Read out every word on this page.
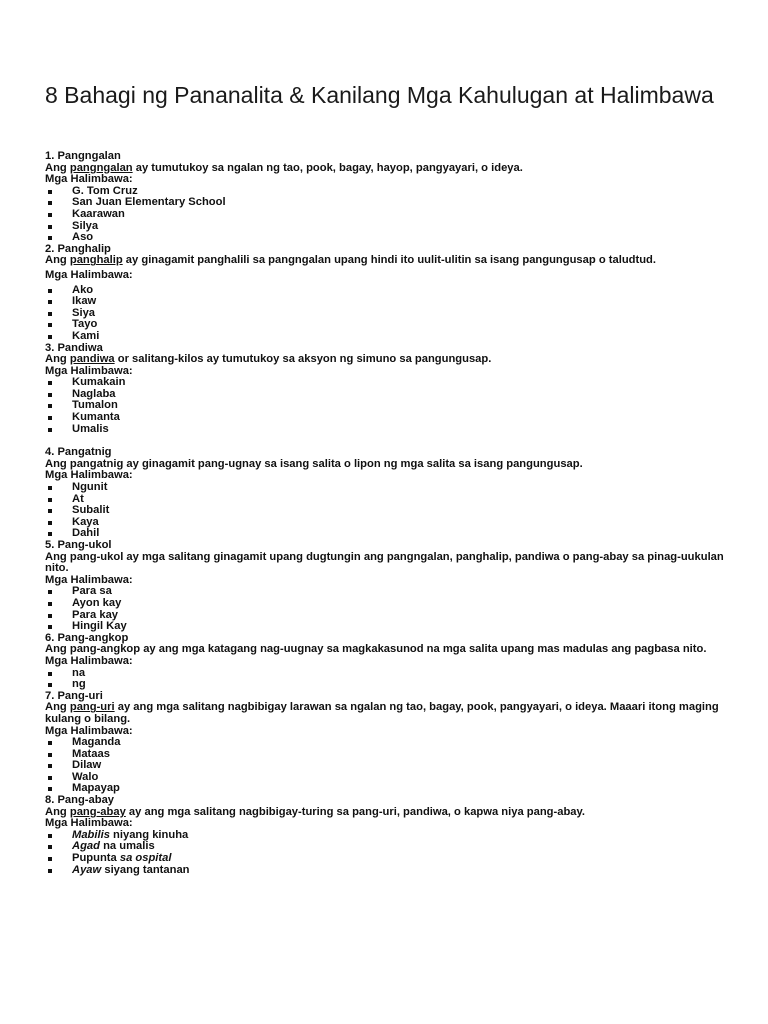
8 Bahagi ng Pananalita & Kanilang Mga Kahulugan at Halimbawa

1. Pangngalan

Ang pangngalan ay tumutukoy sa ngalan ng tao, pook, bagay, hayop, pangyayari, o ideya.

Mga Halimbawa:

G. Tom Cruz
San Juan Elementary School
Kaarawan
Silya
Aso

2. Panghalip

Ang panghalip ay ginagamit panghalili sa pangngalan upang hindi ito uulit-ulitin sa isang pangungusap o taludtud.

Mga Halimbawa:

Ako
Ikaw
Siya
Tayo
Kami

3. Pandiwa

Ang pandiwa or salitang-kilos ay tumutukoy sa aksyon ng simuno sa pangungusap.

Mga Halimbawa:

Kumakain
Naglaba
Tumalon
Kumanta
Umalis

4. Pangatnig

Ang pangatnig ay ginagamit pang-ugnay sa isang salita o lipon ng mga salita sa isang pangungusap.

Mga Halimbawa:

Ngunit
At
Subalit
Kaya
Dahil

5. Pang-ukol

Ang pang-ukol ay mga salitang ginagamit upang dugtungin ang pangngalan, panghalip, pandiwa o pang-abay sa pinag-uukulan nito.

Mga Halimbawa:

Para sa
Ayon kay
Para kay
Hingil Kay

6. Pang-angkop

Ang pang-angkop ay ang mga katagang nag-uugnay sa magkakasunod na mga salita upang mas madulas ang pagbasa nito.

Mga Halimbawa:

na
ng

7. Pang-uri

Ang pang-uri ay ang mga salitang nagbibigay larawan sa ngalan ng tao, bagay, pook, pangyayari, o ideya. Maaari itong maging kulang o bilang.

Mga Halimbawa:

Maganda
Mataas
Dilaw
Walo
Mapayap

8. Pang-abay

Ang pang-abay ay ang mga salitang nagbibigay-turing sa pang-uri, pandiwa, o kapwa niya pang-abay.

Mga Halimbawa:

Mabilis niyang kinuha
Agad na umalis
Pupunta sa ospital
Ayaw siyang tantanan
